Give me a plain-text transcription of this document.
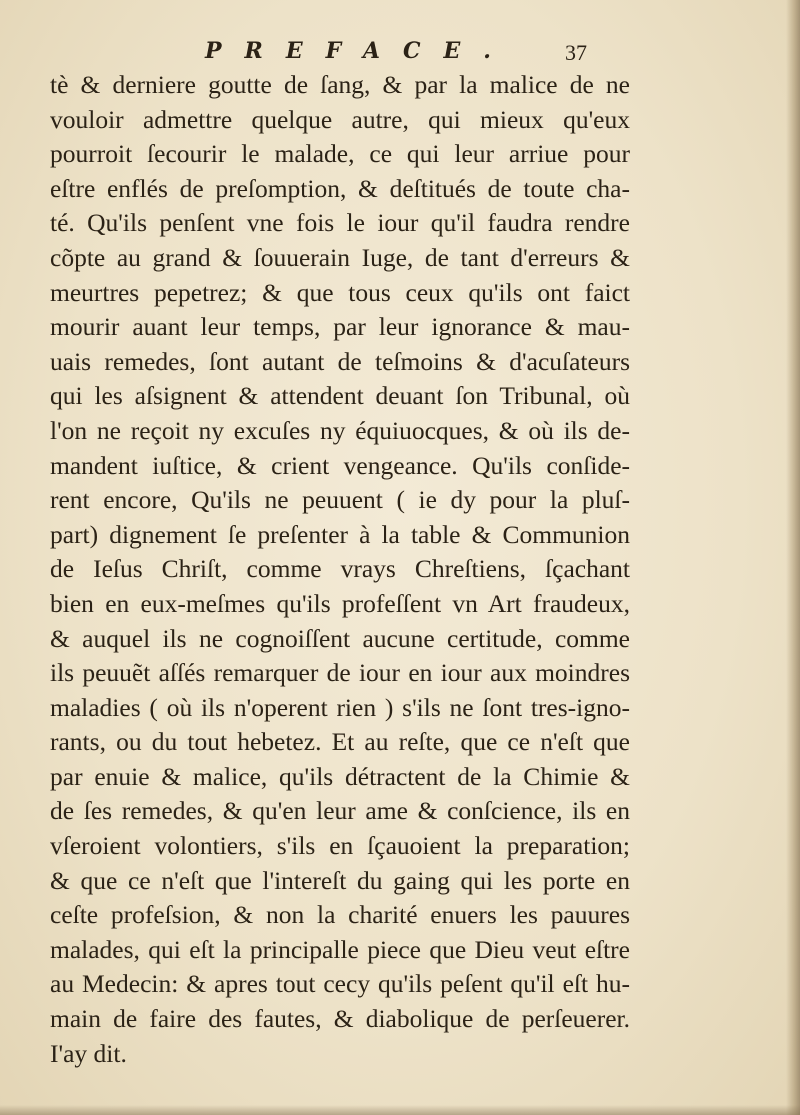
PREFACE. 37
tè & derniere goutte de ſang, & par la malice de ne
vouloir admettre quelque autre, qui mieux qu'eux
pourroit ſecourir le malade, ce qui leur arriue pour
eſtre enflés de preſomption, & deſtitués de toute cha-
té. Qu'ils penſent vne fois le iour qu'il faudra rendre
cõpte au grand & ſouuerain Iuge, de tant d'erreurs &
meurtres pepetrez; & que tous ceux qu'ils ont faict
mourir auant leur temps, par leur ignorance & mau-
uais remedes, ſont autant de teſmoins & d'acuſateurs
qui les aſsignent & attendent deuant ſon Tribunal, où
l'on ne reçoit ny excuſes ny équiuocques, & où ils de-
mandent iuſtice, & crient vengeance. Qu'ils conſide-
rent encore, Qu'ils ne peuuent ( ie dy pour la pluſ-
part) dignement ſe preſenter à la table & Communion
de Ieſus Chriſt, comme vrays Chreſtiens, ſçachant
bien en eux-meſmes qu'ils profeſſent vn Art fraudeux,
& auquel ils ne cognoiſſent aucune certitude, comme
ils peuuẽt aſſés remarquer de iour en iour aux moindres
maladies ( où ils n'operent rien ) s'ils ne ſont tres-igno-
rants, ou du tout hebetez. Et au reſte, que ce n'eſt que
par enuie & malice, qu'ils détractent de la Chimie &
de ſes remedes, & qu'en leur ame & conſcience, ils en
vſeroient volontiers, s'ils en ſçauoient la preparation;
& que ce n'eſt que l'intereſt du gaing qui les porte en
ceſte profeſsion, & non la charité enuers les pauures
malades, qui eſt la principalle piece que Dieu veut eſtre
au Medecin: & apres tout cecy qu'ils peſent qu'il eſt hu-
main de faire des fautes, & diabolique de perſeuerer.
I'ay dit.
